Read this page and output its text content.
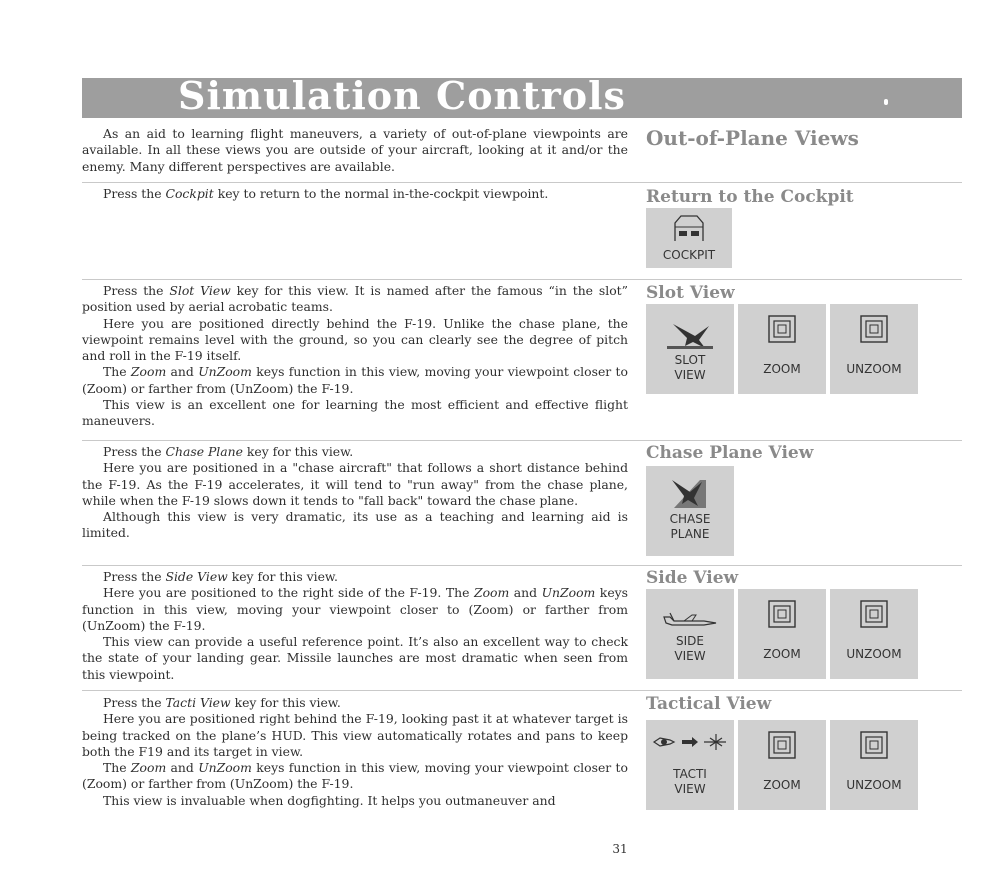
Simulation Controls

As an aid to learning flight maneuvers, a variety of out-of-plane viewpoints are available. In all these views you are outside of your aircraft, looking at it and/or the enemy. Many different perspectives are available.

Out-of-Plane Views

Press the Cockpit key to return to the normal in-the-cockpit viewpoint.	Return to the Cockpit
COCKPIT

Press the Slot View key for this view. It is named after the famous “in the slot” position used by aerial acrobatic teams.

Here you are positioned directly behind the F-19. Unlike the chase plane, the viewpoint remains level with the ground, so you can clearly see the degree of pitch and roll in the F-19 itself.

The Zoom and UnZoom keys function in this view, moving your viewpoint closer to (Zoom) or farther from (UnZoom) the F-19.

This view is an excellent one for learning the most efficient and effective flight maneuvers.

Slot View
SLOT
VIEW	ZOOM	UNZOOM

Press the Chase Plane key for this view.

Here you are positioned in a "chase aircraft" that follows a short distance behind the F-19. As the F-19 accelerates, it will tend to "run away" from the chase plane, while when the F-19 slows down it tends to "fall back" toward the chase plane.

Although this view is very dramatic, its use as a teaching and learning aid is limited.

Chase Plane View
CHASE
PLANE

Press the Side View key for this view.

Here you are positioned to the right side of the F-19. The Zoom and UnZoom keys function in this view, moving your viewpoint closer to (Zoom) or farther from (UnZoom) the F-19.

This view can provide a useful reference point. It’s also an excellent way to check the state of your landing gear. Missile launches are most dramatic when seen from this viewpoint.

Side View
SIDE
VIEW	ZOOM	UNZOOM

Press the Tacti View key for this view.

Here you are positioned right behind the F-19, looking past it at whatever target is being tracked on the plane’s HUD. This view automatically rotates and pans to keep both the F19 and its target in view.

The Zoom and UnZoom keys function in this view, moving your viewpoint closer to (Zoom) or farther from (UnZoom) the F-19.

This view is invaluable when dogfighting. It helps you outmaneuver and

Tactical View
TACTI
VIEW	ZOOM	UNZOOM
31
